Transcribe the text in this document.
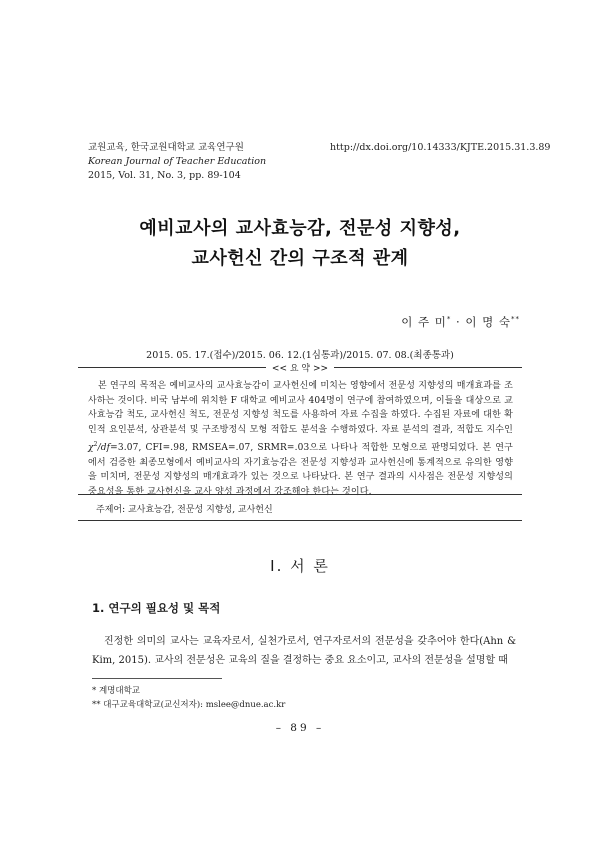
교원교육, 한국교원대학교 교육연구원
Korean Journal of Teacher Education
2015, Vol. 31, No. 3, pp. 89-104
http://dx.doi.org/10.14333/KJTE.2015.31.3.89
예비교사의 교사효능감, 전문성 지향성,
교사헌신 간의 구조적 관계
이 주 미* · 이 명 숙**
2015. 05. 17.(접수)/2015. 06. 12.(1심통과)/2015. 07. 08.(최종통과)
<< 요 약 >>
본 연구의 목적은 예비교사의 교사효능감이 교사헌신에 미치는 영향에서 전문성 지향성의 매개효과를 조사하는 것이다. 비국 남부에 위치한 F 대학교 예비교사 404명이 연구에 참여하였으며, 이들을 대상으로 교사효능감 척도, 교사헌신 척도, 전문성 지향성 척도를 사용하여 자료 수집을 하였다. 수집된 자료에 대한 확인적 요인분석, 상관분석 및 구조방정식 모형 적합도 분석을 수행하였다. 자료 분석의 결과, 적합도 지수인 $\chi^2/df=3.07$, CFI=.98, RMSEA=.07, SRMR=.03으로 나타나 적합한 모형으로 판명되었다. 본 연구에서 검증한 최종모형에서 예비교사의 자기효능감은 전문성 지향성과 교사헌신에 통계적으로 유의한 영향을 미치며, 전문성 지향성의 매개효과가 있는 것으로 나타났다. 본 연구 결과의 시사점은 전문성 지향성의 중요성을 통한 교사헌신을 교사 양성 과정에서 강조해야 한다는 것이다.
주제어: 교사효능감, 전문성 지향성, 교사헌신
Ⅰ. 서 론
1. 연구의 필요성 및 목적
진정한 의미의 교사는 교육자로서, 실천가로서, 연구자로서의 전문성을 갖추어야 한다(Ahn & Kim, 2015). 교사의 전문성은 교육의 질을 결정하는 중요 요소이고, 교사의 전문성을 설명할 때
* 계명대학교
** 대구교육대학교(교신저자): mslee@dnue.ac.kr
– 89 –
